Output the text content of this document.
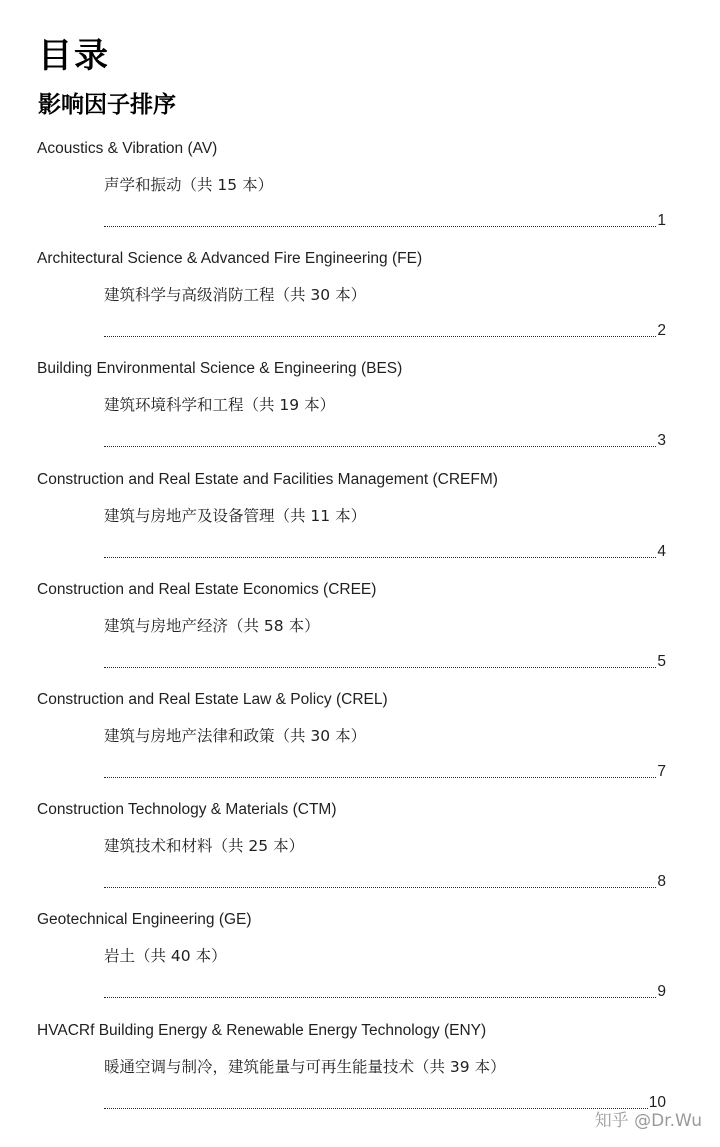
目录
影响因子排序
Acoustics & Vibration (AV)
声学和振动（共 15 本）
1
Architectural Science & Advanced Fire Engineering (FE)
建筑科学与高级消防工程（共 30 本）
2
Building Environmental Science & Engineering (BES)
建筑环境科学和工程（共 19 本）
3
Construction and Real Estate and Facilities Management (CREFM)
建筑与房地产及设备管理（共 11 本）
4
Construction and Real Estate Economics (CREE)
建筑与房地产经济（共 58 本）
5
Construction and Real Estate Law & Policy (CREL)
建筑与房地产法律和政策（共 30 本）
7
Construction Technology & Materials (CTM)
建筑技术和材料（共 25 本）
8
Geotechnical Engineering (GE)
岩土（共 40 本）
9
HVACRf Building Energy & Renewable Energy Technology (ENY)
暖通空调与制冷，建筑能量与可再生能量技术（共 39 本）
10
知乎 @Dr.Wu
